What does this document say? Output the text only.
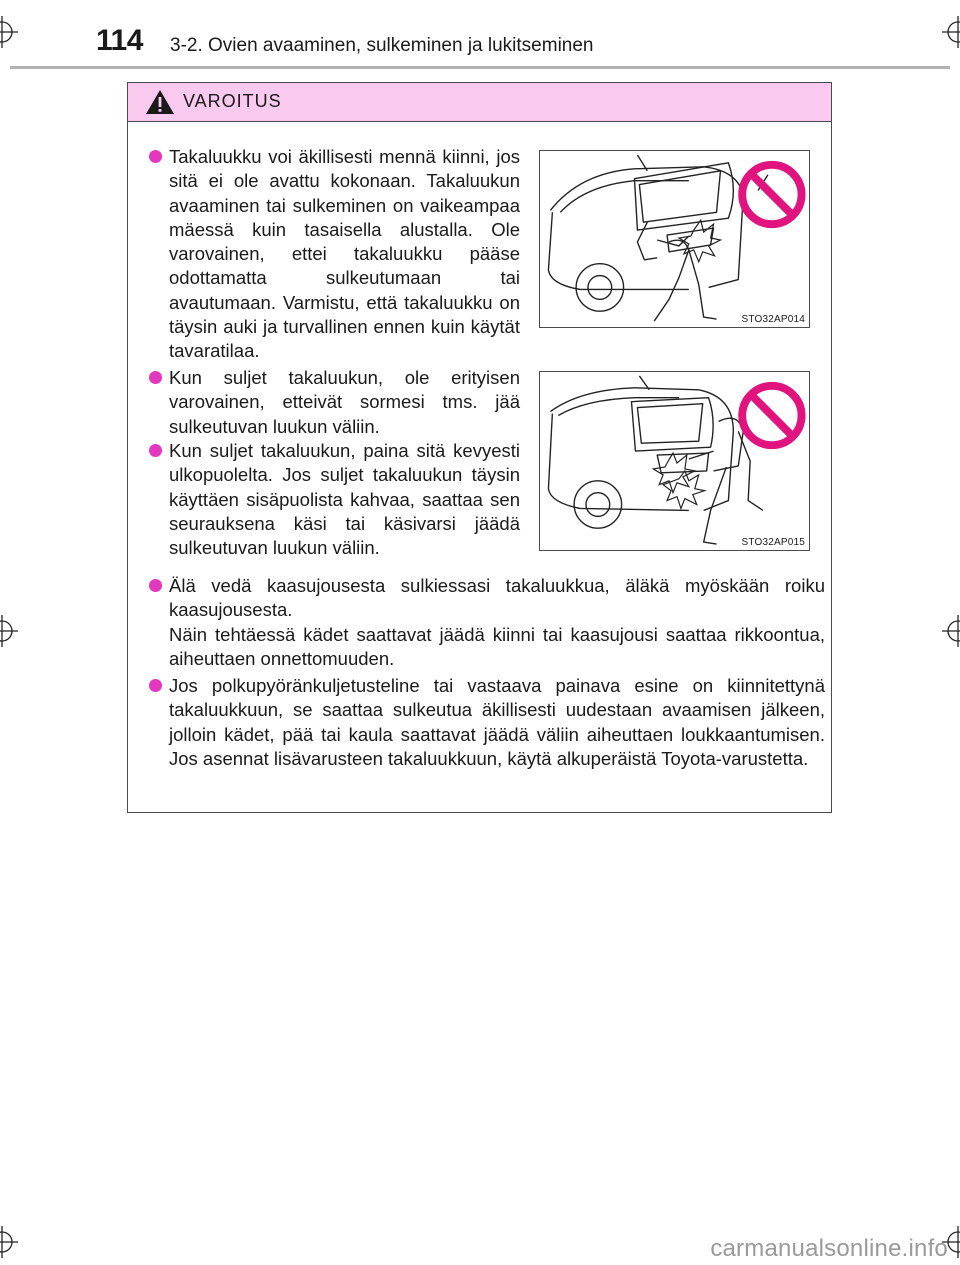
114 3-2. Ovien avaaminen, sulkeminen ja lukitseminen
VAROITUS

Takaluukku voi äkillisesti mennä kiinni, jos sitä ei ole avattu kokonaan. Takaluukun avaaminen tai sulkeminen on vaikeampaa mäessä kuin tasaisella alustalla. Ole varovainen, ettei takaluukku pääse odottamatta sulkeutumaan tai avautumaan. Varmistu, että takaluukku on täysin auki ja turvallinen ennen kuin käytät tavaratilaa.

Kun suljet takaluukun, ole erityisen varovainen, etteivät sormesi tms. jää sulkeutuvan luukun väliin.

Kun suljet takaluukun, paina sitä kevyesti ulkopuolelta. Jos suljet takaluukun täysin käyttäen sisäpuolista kahvaa, saattaa sen seurauksena käsi tai käsivarsi jäädä sulkeutuvan luukun väliin.

Älä vedä kaasujousesta sulkiessasi takaluukkua, äläkä myöskään roiku kaasujousesta.

Näin tehtäessä kädet saattavat jäädä kiinni tai kaasujousi saattaa rikkoontua, aiheuttaen onnettomuuden.

Jos polkupyöränkuljetusteline tai vastaava painava esine on kiinnitettynä takaluukkuun, se saattaa sulkeutua äkillisesti uudestaan avaamisen jälkeen, jolloin kädet, pää tai kaula saattavat jäädä väliin aiheuttaen loukkaantumisen. Jos asennat lisävarusteen takaluukkuun, käytä alkuperäistä Toyota-varustetta.

STO32AP014
STO32AP015
carmanualsonline.info
